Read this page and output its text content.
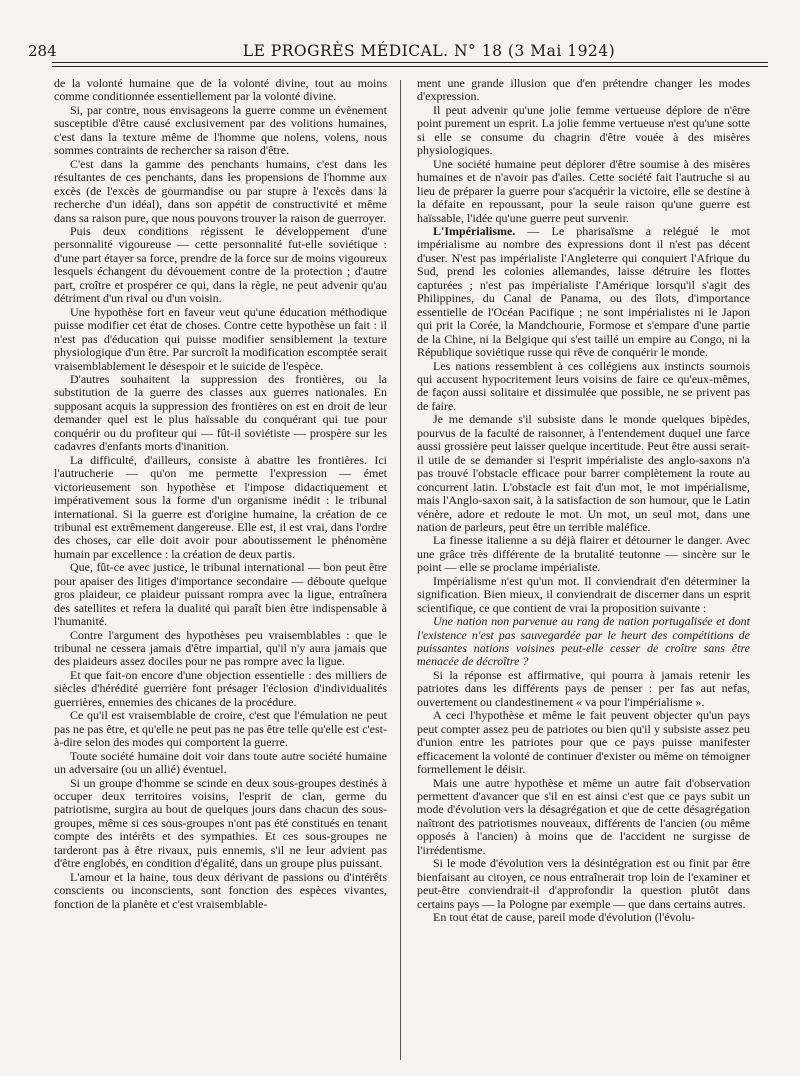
284	LE PROGRÈS MÉDICAL. N° 18 (3 Mai 1924)

de la volonté humaine que de la volonté divine, tout au moins comme conditionnée essentiellement par la volonté divine.

Si, par contre, nous envisageons la guerre comme un évènement susceptible d'être causé exclusivement par des volitions humaines, c'est dans la texture même de l'homme que nolens, volens, nous sommes contraints de rechercher sa raison d'être.

C'est dans la gamme des penchants humains, c'est dans les résultantes de ces penchants, dans les propensions de l'homme aux excès (de l'excès de gourmandise ou par stupre à l'excès dans la recherche d'un idéal), dans son appétit de constructivité et même dans sa raison pure, que nous pouvons trouver la raison de guerroyer.

Puis deux conditions régissent le développement d'une personnalité vigoureuse — cette personnalité fut-elle soviétique : d'une part étayer sa force, prendre de la force sur de moins vigoureux lesquels échangent du dévouement contre de la protection ; d'autre part, croître et prospérer ce qui, dans la règle, ne peut advenir qu'au détriment d'un rival ou d'un voisin.

Une hypothèse fort en faveur veut qu'une éducation méthodique puisse modifier cet état de choses. Contre cette hypothèse un fait : il n'est pas d'éducation qui puisse modifier sensiblement la texture physiologique d'un être. Par surcroît la modification escomptée serait vraisemblablement le désespoir et le suicide de l'espèce.

D'autres souhaitent la suppression des frontières, ou la substitution de la guerre des classes aux guerres nationales. En supposant acquis la suppression des frontières on est en droit de leur demander quel est le plus haïssable du conquérant qui tue pour conquérir ou du profiteur qui — fût-il soviétiste — prospère sur les cadavres d'enfants morts d'inanition.

La difficulté, d'ailleurs, consiste à abattre les frontières. Ici l'autrucherie — qu'on me permette l'expression — émet victorieusement son hypothèse et l'impose didactiquement et impérativement sous la forme d'un organisme inédit : le tribunal international. Si la guerre est d'origine humaine, la création de ce tribunal est extrêmement dangereuse. Elle est, il est vrai, dans l'ordre des choses, car elle doit avoir pour aboutissement le phénomène humain par excellence : la création de deux partis.

Que, fût-ce avec justice, le tribunal international — bon peut être pour apaiser des litiges d'importance secondaire — déboute quelque gros plaideur, ce plaideur puissant rompra avec la ligue, entraînera des satellites et refera la dualité qui paraît bien être indispensable à l'humanité.

Contre l'argument des hypothèses peu vraisemblables : que le tribunal ne cessera jamais d'être impartial, qu'il n'y aura jamais que des plaideurs assez dociles pour ne pas rompre avec la ligue.

Et que fait-on encore d'une objection essentielle : des milliers de siècles d'hérédité guerrière font présager l'éclosion d'individualités guerrières, ennemies des chicanes de la procédure.

Ce qu'il est vraisemblable de croire, c'est que l'émulation ne peut pas ne pas être, et qu'elle ne peut pas ne pas être telle qu'elle est c'est-à-dire selon des modes qui comportent la guerre.

Toute société humaine doit voir dans toute autre société humaine un adversaire (ou un allié) éventuel.

Si un groupe d'homme se scinde en deux sous-groupes destinés à occuper deux territoires voisins, l'esprit de clan, germe du patriotisme, surgira au bout de quelques jours dans chacun des sous-groupes, même si ces sous-groupes n'ont pas été constitués en tenant compte des intérêts et des sympathies. Et ces sous-groupes ne tarderont pas à être rivaux, puis ennemis, s'il ne leur advient pas d'être englobés, en condition d'égalité, dans un groupe plus puissant.

L'amour et la haine, tous deux dérivant de passions ou d'intérêts conscients ou inconscients, sont fonction des espèces vivantes, fonction de la planète et c'est vraisemblable-

ment une grande illusion que d'en prétendre changer les modes d'expression.

Il peut advenir qu'une jolie femme vertueuse déplore de n'être point purement un esprit. La jolie femme vertueuse n'est qu'une sotte si elle se consume du chagrin d'être vouée à des misères physiologiques.

Une société humaine peut déplorer d'être soumise à des misères humaines et de n'avoir pas d'ailes. Cette société fait l'autruche si au lieu de préparer la guerre pour s'acquérir la victoire, elle se destine à la défaite en repoussant, pour la seule raison qu'une guerre est haïssable, l'idée qu'une guerre peut survenir.

L'Impérialisme. — Le pharisaïsme a relégué le mot impérialisme au nombre des expressions dont il n'est pas décent d'user. N'est pas impérialiste l'Angleterre qui conquiert l'Afrique du Sud, prend les colonies allemandes, laisse détruire les flottes capturées ; n'est pas impérialiste l'Amérique lorsqu'il s'agit des Philippines, du Canal de Panama, ou des îlots, d'importance essentielle de l'Océan Pacifique ; ne sont impérialistes ni le Japon qui prit la Corée, la Mandchourie, Formose et s'empare d'une partie de la Chine, ni la Belgique qui s'est taillé un empire au Congo, ni la République soviétique russe qui rêve de conquérir le monde.

Les nations ressemblent à ces collégiens aux instincts sournois qui accusent hypocritement leurs voisins de faire ce qu'eux-mêmes, de façon aussi solitaire et dissimulée que possible, ne se privent pas de faire.

Je me demande s'il subsiste dans le monde quelques bipèdes, pourvus de la faculté de raisonner, à l'entendement duquel une farce aussi grossière peut laisser quelque incertitude. Peut être aussi serait-il utile de se demander si l'esprit impérialiste des anglo-saxons n'a pas trouvé l'obstacle efficace pour barrer complètement la route au concurrent latin. L'obstacle est fait d'un mot, le mot impérialisme, mais l'Anglo-saxon sait, à la satisfaction de son humour, que le Latin vénère, adore et redoute le mot. Un mot, un seul mot, dans une nation de parleurs, peut être un terrible maléfice.

La finesse italienne a su déjà flairer et détourner le danger. Avec une grâce très différente de la brutalité teutonne — sincère sur le point — elle se proclame impérialiste.

Impérialisme n'est qu'un mot. Il conviendrait d'en déterminer la signification. Bien mieux, il conviendrait de discerner dans un esprit scientifique, ce que contient de vrai la proposition suivante :

Une nation non parvenue au rang de nation portugalisée et dont l'existence n'est pas sauvegardée par le heurt des compétitions de puissantes nations voisines peut-elle cesser de croître sans être menacée de décroître ?

Si la réponse est affirmative, qui pourra à jamais retenir les patriotes dans les différents pays de penser : per fas aut nefas, ouvertement ou clandestinement « va pour l'impérialisme ».

A ceci l'hypothèse et même le fait peuvent objecter qu'un pays peut compter assez peu de patriotes ou bien qu'il y subsiste assez peu d'union entre les patriotes pour que ce pays puisse manifester efficacement la volonté de continuer d'exister ou même on témoigner formellement le déisir.

Mais une autre hypothèse et même un autre fait d'observation permettent d'avancer que s'il en est ainsi c'est que ce pays subit un mode d'évolution vers la désagrégation et que de cette désagrégation naîtront des patriotismes nouveaux, différents de l'ancien (ou même opposés à l'ancien) à moins que de l'accident ne surgisse de l'irrédentisme.

Si le mode d'évolution vers la désintégration est ou finit par être bienfaisant au citoyen, ce nous entraînerait trop loin de l'examiner et peut-être conviendrait-il d'approfondir la question plutôt dans certains pays — la Pologne par exemple — que dans certains autres.

En tout état de cause, pareil mode d'évolution (l'évolu-
